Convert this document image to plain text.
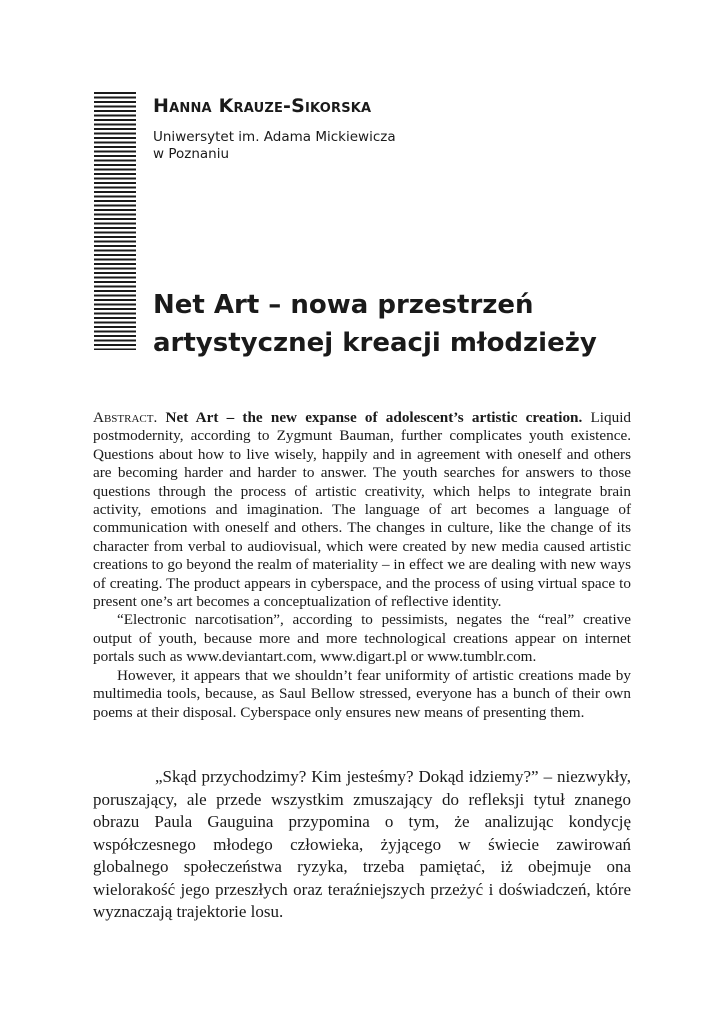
Hanna Krauze-Sikorska
Uniwersytet im. Adama Mickiewicza
w Poznaniu
Net Art – nowa przestrzeń
artystycznej kreacji młodzieży

Abstract. Net Art – the new expanse of adolescent’s artistic creation. Liquid postmodernity, according to Zygmunt Bauman, further complicates youth existence. Questions about how to live wisely, happily and in agreement with oneself and others are becoming harder and harder to answer. The youth searches for answers to those questions through the process of artistic creativity, which helps to integrate brain activity, emotions and imagination. The language of art becomes a language of communication with oneself and others. The changes in culture, like the change of its character from verbal to audiovisual, which were created by new media caused artistic creations to go beyond the realm of materiality – in effect we are dealing with new ways of creating. The product appears in cyberspace, and the process of using virtual space to present one’s art becomes a conceptualization of reflective identity.

“Electronic narcotisation”, according to pessimists, negates the “real” creative output of youth, because more and more technological creations appear on internet portals such as www.deviantart.com, www.digart.pl or www.tumblr.com.

However, it appears that we shouldn’t fear uniformity of artistic creations made by multimedia tools, because, as Saul Bellow stressed, everyone has a bunch of their own poems at their disposal. Cyberspace only ensures new means of presenting them.

„Skąd przychodzimy? Kim jesteśmy? Dokąd idziemy?” – niezwykły, poruszający, ale przede wszystkim zmuszający do refleksji tytuł znanego obrazu Paula Gauguina przypomina o tym, że analizując kondycję współczesnego młodego człowieka, żyjącego w świecie zawirowań globalnego społeczeństwa ryzyka, trzeba pamiętać, iż obejmuje ona wielorakość jego przeszłych oraz teraźniejszych przeżyć i doświadczeń, które wyznaczają trajektorie losu.
